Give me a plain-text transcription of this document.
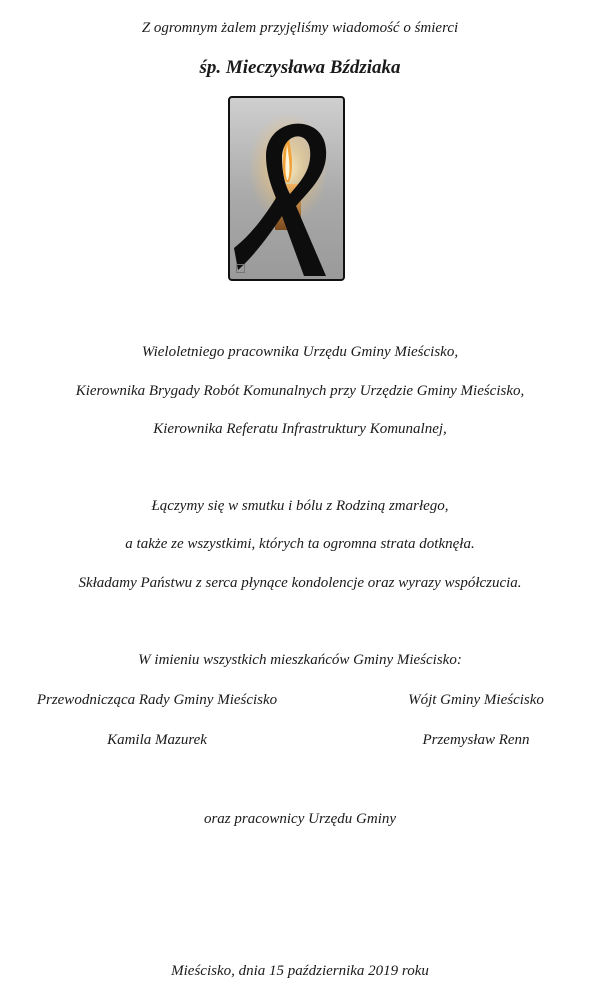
Z ogromnym żalem przyjęliśmy wiadomość o śmierci
śp. Mieczysława Bździaka
Wieloletniego pracownika Urzędu Gminy Mieścisko,
Kierownika Brygady Robót Komunalnych przy Urzędzie Gminy Mieścisko,
Kierownika Referatu Infrastruktury Komunalnej,
Łączymy się w smutku i bólu z Rodziną zmarłego,
a także ze wszystkimi, których ta ogromna strata dotknęła.
Składamy Państwu z serca płynące kondolencje oraz wyrazy współczucia.
W imieniu wszystkich mieszkańców Gminy Mieścisko:
Przewodnicząca Rady Gminy Mieścisko	Wójt Gminy Mieścisko
Kamila Mazurek	Przemysław Renn
oraz pracownicy Urzędu Gminy
Mieścisko, dnia 15 października 2019 roku
